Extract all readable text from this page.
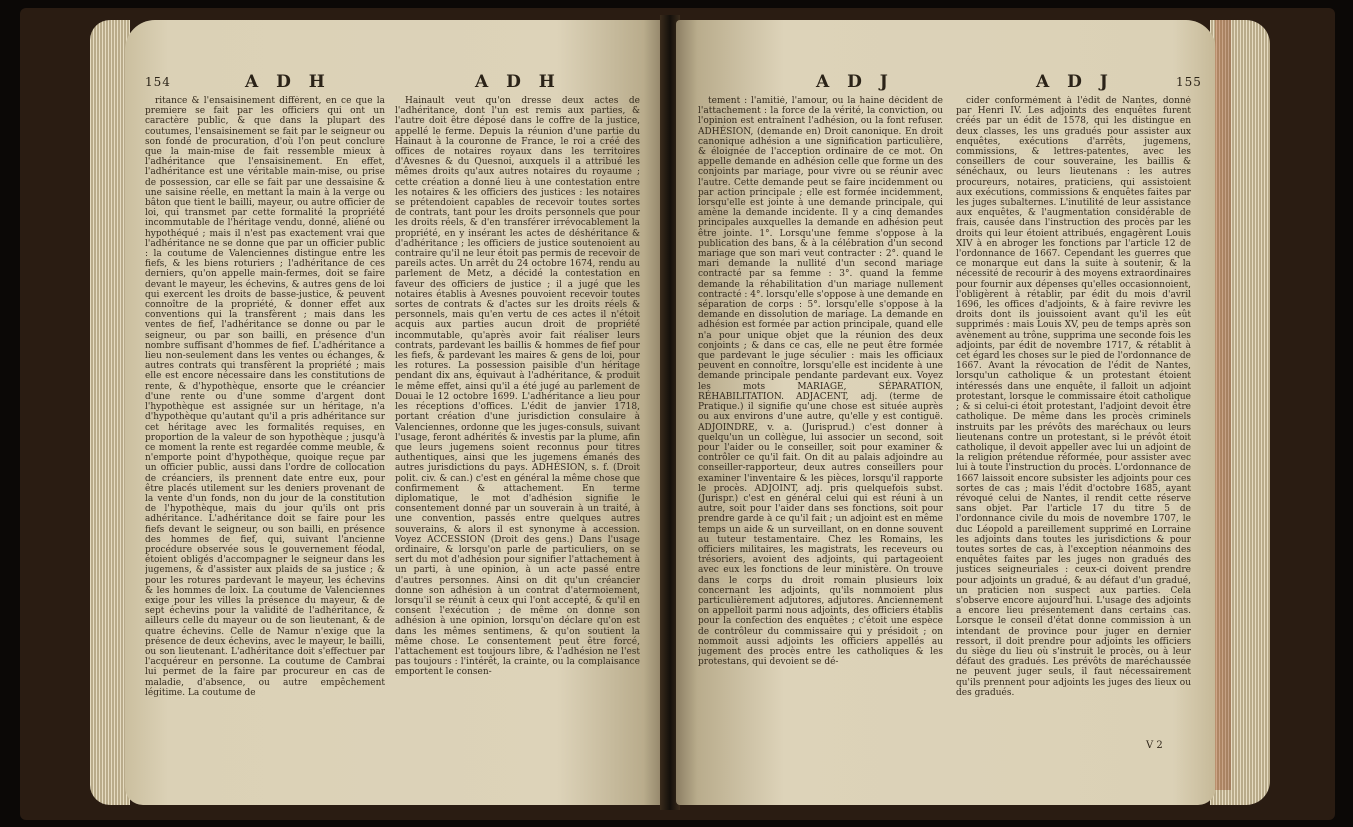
154	A D H	A D H

ritance & l'ensaisinement différent, en ce que la premiere se fait par les officiers qui ont un caractère public, & que dans la plupart des coutumes, l'ensaisinement se fait par le seigneur ou son fondé de procuration, d'où l'on peut conclure que la main-mise de fait ressemble mieux à l'adhéritance que l'ensaisinement. En effet, l'adhéritance est une véritable main-mise, ou prise de possession, car elle se fait par une dessaisine & une saisine réelle, en mettant la main à la verge ou bâton que tient le bailli, mayeur, ou autre officier de loi, qui transmet par cette formalité la propriété incommutable de l'héritage vendu, donné, aliéné ou hypothéqué ; mais il n'est pas exactement vrai que l'adhéritance ne se donne que par un officier public : la coutume de Valenciennes distingue entre les fiefs, & les biens roturiers ; l'adhéritance de ces derniers, qu'on appelle main-fermes, doit se faire devant le mayeur, les échevins, & autres gens de loi qui exercent les droits de basse-justice, & peuvent connoître de la propriété, & donner effet aux conventions qui la transfèrent ; mais dans les ventes de fief, l'adhéritance se donne ou par le seigneur, ou par son bailli, en présence d'un nombre suffisant d'hommes de fief. L'adhéritance a lieu non-seulement dans les ventes ou échanges, & autres contrats qui transfèrent la propriété ; mais elle est encore nécessaire dans les constitutions de rente, & d'hypothèque, ensorte que le créancier d'une rente ou d'une somme d'argent dont l'hypothèque est assignée sur un héritage, n'a d'hypothèque qu'autant qu'il a pris adhéritance sur cet héritage avec les formalités requises, en proportion de la valeur de son hypothèque ; jusqu'à ce moment la rente est regardée comme meuble, & n'emporte point d'hypothèque, quoique reçue par un officier public, aussi dans l'ordre de collocation de créanciers, ils prennent date entre eux, pour être placés utilement sur les deniers provenant de la vente d'un fonds, non du jour de la constitution de l'hypothèque, mais du jour qu'ils ont pris adhéritance. L'adhéritance doit se faire pour les fiefs devant le seigneur, ou son bailli, en présence des hommes de fief, qui, suivant l'ancienne procédure observée sous le gouvernement féodal, étoient obligés d'accompagner le seigneur dans les jugemens, & d'assister aux plaids de sa justice ; & pour les rotures pardevant le mayeur, les échevins & les hommes de loix. La coutume de Valenciennes exige pour les villes la présence du mayeur, & de sept échevins pour la validité de l'adhéritance, & ailleurs celle du mayeur ou de son lieutenant, & de quatre échevins. Celle de Namur n'exige que la présence de deux échevins, avec le mayeur, le bailli, ou son lieutenant. L'adhéritance doit s'effectuer par l'acquéreur en personne. La coutume de Cambrai lui permet de la faire par procureur en cas de maladie, d'absence, ou autre empêchement légitime. La coutume de

Hainault veut qu'on dresse deux actes de l'adhéritance, dont l'un est remis aux parties, & l'autre doit être déposé dans le coffre de la justice, appellé le ferme. Depuis la réunion d'une partie du Hainaut à la couronne de France, le roi a créé des offices de notaires royaux dans les territoires d'Avesnes & du Quesnoi, auxquels il a attribué les mêmes droits qu'aux autres notaires du royaume ; cette création a donné lieu à une contestation entre les notaires & les officiers des justices : les notaires se prétendoient capables de recevoir toutes sortes de contrats, tant pour les droits personnels que pour les droits réels, & d'en transférer irrévocablement la propriété, en y insérant les actes de déshéritance & d'adhéritance ; les officiers de justice soutenoient au contraire qu'il ne leur étoit pas permis de recevoir de pareils actes. Un arrêt du 24 octobre 1674, rendu au parlement de Metz, a décidé la contestation en faveur des officiers de justice ; il a jugé que les notaires établis à Avesnes pouvoient recevoir toutes sortes de contrats & d'actes sur les droits réels & personnels, mais qu'en vertu de ces actes il n'étoit acquis aux parties aucun droit de propriété incommutable, qu'après avoir fait réaliser leurs contrats, pardevant les baillis & hommes de fief pour les fiefs, & pardevant les maires & gens de loi, pour les rotures. La possession paisible d'un héritage pendant dix ans, équivaut à l'adhéritance, & produit le même effet, ainsi qu'il a été jugé au parlement de Douai le 12 octobre 1699. L'adhéritance a lieu pour les réceptions d'offices. L'édit de janvier 1718, portant création d'une jurisdiction consulaire à Valenciennes, ordonne que les juges-consuls, suivant l'usage, feront adhérités & investis par la plume, afin que leurs jugemens soient reconnus pour titres authentiques, ainsi que les jugemens émanés des autres jurisdictions du pays. ADHÉSION, s. f. (Droit polit. civ. & can.) c'est en général la même chose que confirmement & attachement. En terme diplomatique, le mot d'adhésion signifie le consentement donné par un souverain à un traité, à une convention, passés entre quelques autres souverains, & alors il est synonyme à accession. Voyez ACCESSION (Droit des gens.) Dans l'usage ordinaire, & lorsqu'on parle de particuliers, on se sert du mot d'adhésion pour signifier l'attachement à un parti, à une opinion, à un acte passé entre d'autres personnes. Ainsi on dit qu'un créancier donne son adhésion à un contrat d'atermoiement, lorsqu'il se réunit à ceux qui l'ont accepté, & qu'il en consent l'exécution ; de même on donne son adhésion à une opinion, lorsqu'on déclare qu'on est dans les mêmes sentimens, & qu'on soutient la même chose. Le consentement peut être forcé, l'attachement est toujours libre, & l'adhésion ne l'est pas toujours : l'intérêt, la crainte, ou la complaisance emportent le consen-

A D J	A D J	155

tement : l'amitié, l'amour, ou la haine décident de l'attachement : la force de la vérité, la conviction, ou l'opinion est entraînent l'adhésion, ou la font refuser. ADHÉSION, (demande en) Droit canonique. En droit canonique adhésion a une signification particulière, & éloignée de l'acception ordinaire de ce mot. On appelle demande en adhésion celle que forme un des conjoints par mariage, pour vivre ou se réunir avec l'autre. Cette demande peut se faire incidemment ou par action principale ; elle est formée incidemment, lorsqu'elle est jointe à une demande principale, qui amène la demande incidente. Il y a cinq demandes principales auxquelles la demande en adhésion peut être jointe. 1°. Lorsqu'une femme s'oppose à la publication des bans, & à la célébration d'un second mariage que son mari veut contracter : 2°. quand le mari demande la nullité d'un second mariage contracté par sa femme : 3°. quand la femme demande la réhabilitation d'un mariage nullement contracté : 4°. lorsqu'elle s'oppose à une demande en séparation de corps : 5°. lorsqu'elle s'oppose à la demande en dissolution de mariage. La demande en adhésion est formée par action principale, quand elle n'a pour unique objet que la réunion des deux conjoints ; & dans ce cas, elle ne peut être formée que pardevant le juge séculier : mais les officiaux peuvent en connoître, lorsqu'elle est incidente à une demande principale pendante pardevant eux. Voyez les mots MARIAGE, SÉPARATION, RÉHABILITATION. ADJACENT, adj. (terme de Pratique.) il signifie qu'une chose est située auprès ou aux environs d'une autre, qu'elle y est contiguë. ADJOINDRE, v. a. (Jurisprud.) c'est donner à quelqu'un un collègue, lui associer un second, soit pour l'aider ou le conseiller, soit pour examiner & contrôler ce qu'il fait. On dit au palais adjoindre au conseiller-rapporteur, deux autres conseillers pour examiner l'inventaire & les pièces, lorsqu'il rapporte le procès. ADJOINT, adj. pris quelquefois subst. (Jurispr.) c'est en général celui qui est réuni à un autre, soit pour l'aider dans ses fonctions, soit pour prendre garde à ce qu'il fait ; un adjoint est en même temps un aide & un surveillant, on en donne souvent au tuteur testamentaire. Chez les Romains, les officiers militaires, les magistrats, les receveurs ou trésoriers, avoient des adjoints, qui partageoient avec eux les fonctions de leur ministère. On trouve dans le corps du droit romain plusieurs loix concernant les adjoints, qu'ils nommoient plus particulièrement adjutores, adjutores. Anciennement on appelloit parmi nous adjoints, des officiers établis pour la confection des enquêtes ; c'étoit une espèce de contrôleur du commissaire qui y présidoit ; on nommoit aussi adjoints les officiers appellés au jugement des procès entre les catholiques & les protestans, qui devoient se dé-

cider conformément à l'édit de Nantes, donné par Henri IV. Les adjoints des enquêtes furent créés par un édit de 1578, qui les distingue en deux classes, les uns gradués pour assister aux enquêtes, exécutions d'arrêts, jugemens, commissions, & lettres-patentes, avec les conseillers de cour souveraine, les baillis & sénéchaux, ou leurs lieutenans : les autres procureurs, notaires, praticiens, qui assistoient aux exécutions, commissions & enquêtes faites par les juges subalternes. L'inutilité de leur assistance aux enquêtes, & l'augmentation considérable de frais, causée dans l'instruction des procès par les droits qui leur étoient attribués, engagèrent Louis XIV à en abroger les fonctions par l'article 12 de l'ordonnance de 1667. Cependant les guerres que ce monarque eut dans la suite à soutenir, & la nécessité de recourir à des moyens extraordinaires pour fournir aux dépenses qu'elles occasionnoient, l'obligèrent à rétablir, par édit du mois d'avril 1696, les offices d'adjoints, & à faire revivre les droits dont ils jouissoient avant qu'il les eût supprimés : mais Louis XV, peu de temps après son avènement au trône, supprima une seconde fois les adjoints, par édit de novembre 1717, & rétablit à cet égard les choses sur le pied de l'ordonnance de 1667. Avant la révocation de l'édit de Nantes, lorsqu'un catholique & un protestant étoient intéressés dans une enquête, il falloit un adjoint protestant, lorsque le commissaire étoit catholique ; & si celui-ci étoit protestant, l'adjoint devoit être catholique. De même dans les procès criminels instruits par les prévôts des maréchaux ou leurs lieutenans contre un protestant, si le prévôt étoit catholique, il devoit appeller avec lui un adjoint de la religion prétendue réformée, pour assister avec lui à toute l'instruction du procès. L'ordonnance de 1667 laissoit encore subsister les adjoints pour ces sortes de cas ; mais l'édit d'octobre 1685, ayant révoqué celui de Nantes, il rendit cette réserve sans objet. Par l'article 17 du titre 5 de l'ordonnance civile du mois de novembre 1707, le duc Léopold a pareillement supprimé en Lorraine les adjoints dans toutes les jurisdictions & pour toutes sortes de cas, à l'exception néanmoins des enquêtes faites par les juges non gradués des justices seigneuriales : ceux-ci doivent prendre pour adjoints un gradué, & au défaut d'un gradué, un praticien non suspect aux parties. Cela s'observe encore aujourd'hui. L'usage des adjoints a encore lieu présentement dans certains cas. Lorsque le conseil d'état donne commission à un intendant de province pour juger en dernier ressort, il doit prendre pour adjoints les officiers du siège du lieu où s'instruit le procès, ou à leur défaut des gradués. Les prévôts de maréchaussée ne peuvent juger seuls, il faut nécessairement qu'ils prennent pour adjoints les juges des lieux ou des gradués.

V 2
